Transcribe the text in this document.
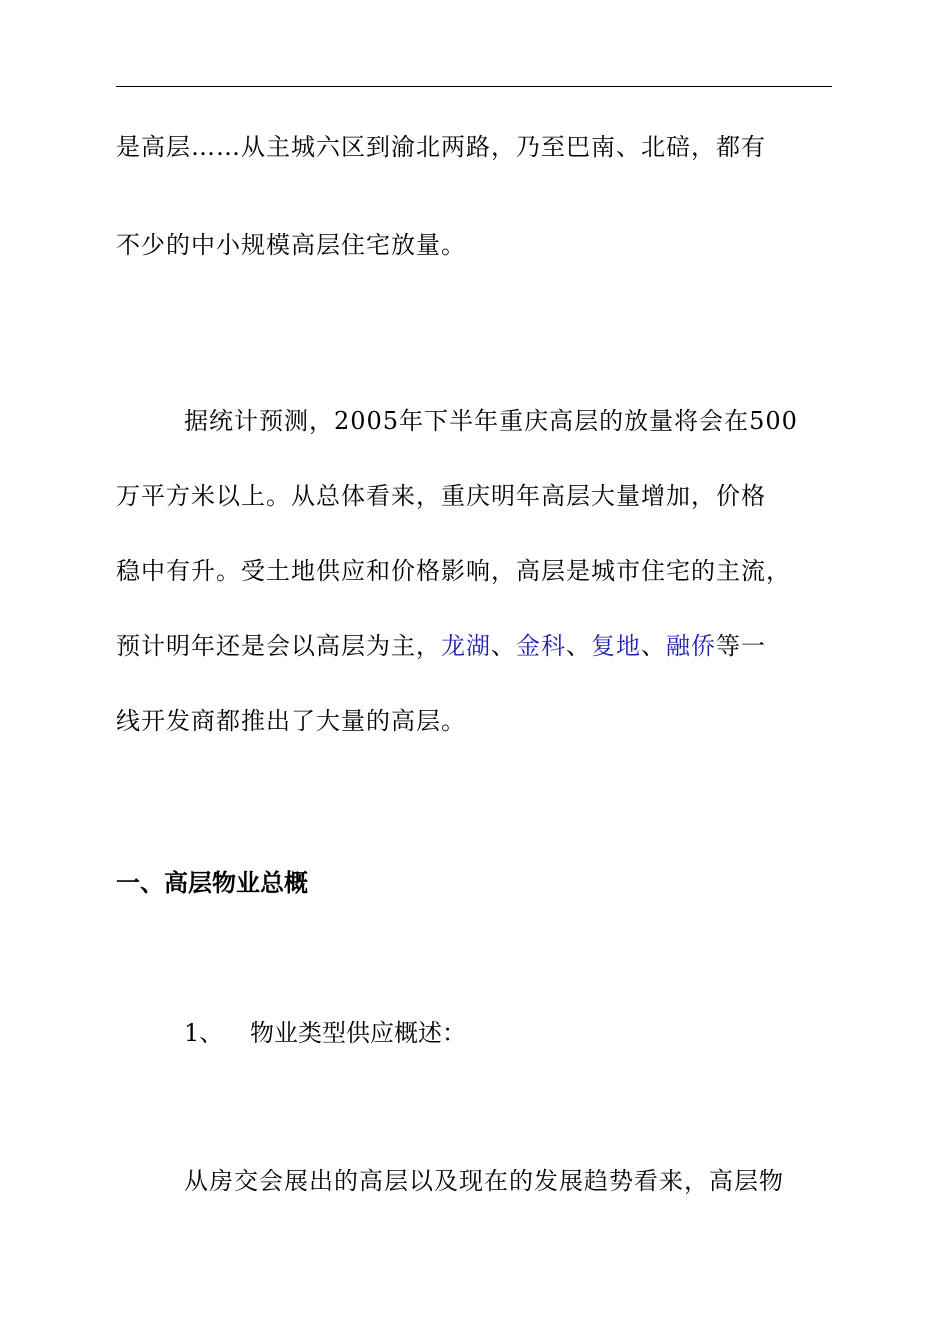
是高层……从主城六区到渝北两路，乃至巴南、北碚，都有
不少的中小规模高层住宅放量。
据统计预测，2005年下半年重庆高层的放量将会在500
万平方米以上。从总体看来，重庆明年高层大量增加，价格
稳中有升。受土地供应和价格影响，高层是城市住宅的主流，
预计明年还是会以高层为主，龙湖、金科、复地、融侨等一
线开发商都推出了大量的高层。
一、高层物业总概
1、 物业类型供应概述：
从房交会展出的高层以及现在的发展趋势看来，高层物
